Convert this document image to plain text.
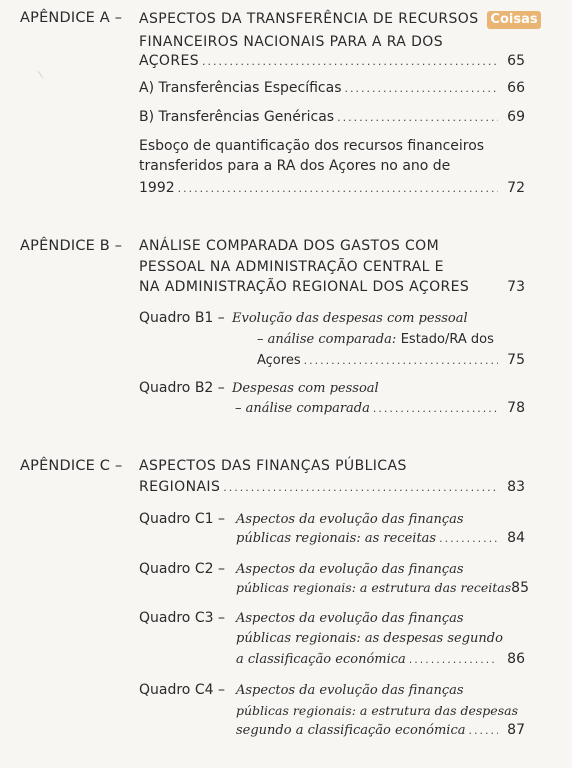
Coisas
APÊNDICE A – ASPECTOS DA TRANSFERÊNCIA DE RECURSOS
FINANCEIROS NACIONAIS PARA A RA DOS
AÇORES .....	65
A) Transferências Específicas .....	66
B) Transferências Genéricas .....	69
Esboço de quantificação dos recursos financeiros
transferidos para a RA dos Açores no ano de
1992 .....	72
APÊNDICE B – ANÁLISE COMPARADA DOS GASTOS COM
PESSOAL NA ADMINISTRAÇÃO CENTRAL E
NA ADMINISTRAÇÃO REGIONAL DOS AÇORES	73
Quadro B1 – Evolução das despesas com pessoal
– análise comparada: Estado/RA dos
Açores .....	75
Quadro B2 – Despesas com pessoal
– análise comparada .....	78
APÊNDICE C – ASPECTOS DAS FINANÇAS PÚBLICAS
REGIONAIS .....	83
Quadro C1 – Aspectos da evolução das finanças
públicas regionais: as receitas .....	84
Quadro C2 – Aspectos da evolução das finanças
públicas regionais: a estrutura das receitas 85
Quadro C3 – Aspectos da evolução das finanças
públicas regionais: as despesas segundo
a classificação económica .....	86
Quadro C4 – Aspectos da evolução das finanças
públicas regionais: a estrutura das despesas
segundo a classificação económica .....	87
